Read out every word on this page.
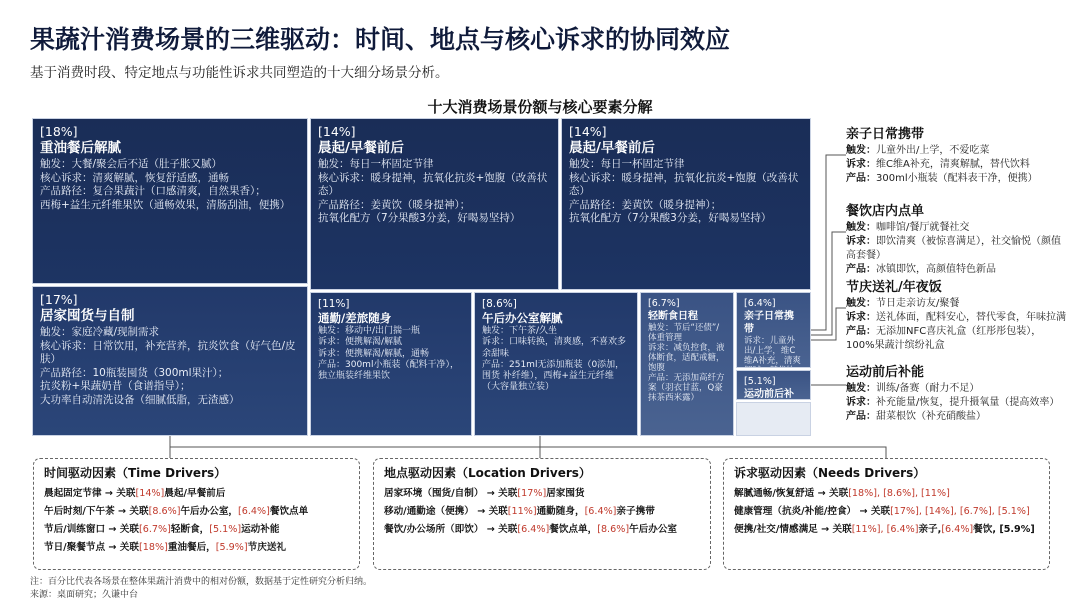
果蔬汁消费场景的三维驱动：时间、地点与核心诉求的协同效应
基于消费时段、特定地点与功能性诉求共同塑造的十大细分场景分析。
十大消费场景份额与核心要素分解
[18%]
重油餐后解腻
触发：大餐/聚会后不适（肚子胀又腻）
核心诉求：清爽解腻，恢复舒适感，通畅
产品路径：复合果蔬汁（口感清爽，自然果香）；
西梅+益生元纤维果饮（通畅效果，清肠刮油，便携）
[14%]
晨起/早餐前后
触发：每日一杯固定节律
核心诉求：暖身提神，抗氧化抗炎+饱腹（改善状态）
产品路径：姜黄饮（暖身提神）；
抗氧化配方（7分果酸3分姜，好喝易坚持）
[14%]
晨起/早餐前后
触发：每日一杯固定节律
核心诉求：暖身提神，抗氧化抗炎+饱腹（改善状态）
产品路径：姜黄饮（暖身提神）；
抗氧化配方（7分果酸3分姜，好喝易坚持）
[17%]
居家囤货与自制
触发：家庭冷藏/现制需求
核心诉求：日常饮用，补充营养，抗炎饮食（好气色/皮肤）
产品路径：10瓶装囤货（300ml果汁）；
抗炎粉+果蔬奶昔（食谱指导）；
大功率自动清洗设备（细腻低脂，无渣感）
[11%]
通勤/差旅随身
触发：移动中/出门揣一瓶
诉求：便携解渴/解腻
诉求：便携解渴/解腻，通畅
产品：300ml小瓶装（配料干净），独立瓶装纤维果饮
[8.6%]
午后办公室解腻
触发：下午茶/久坐
诉求：口味转换，清爽感，不喜欢多余甜味
产品：251ml无添加瓶装（0添加，围货 补纤维），西梅+益生元纤维（大容量独立装）
[6.7%]
轻断食日程
触发：节后“还债”/体重管理
诉求：减负控食，液体断食，适配戒糖，饱腹
产品：无添加高纤方案（羽衣甘蓝，Q豪抹茶西米露）
[6.4%]
亲子日常携带
诉求：儿童外出/上学，维C维A补充，清爽
[5.1%]
运动前后补
亲子日常携带
触发：儿童外出/上学，不爱吃菜
诉求：维C维A补充，清爽解腻，替代饮料
产品：300ml小瓶装（配料表干净，便携）
餐饮店内点单
触发：咖啡馆/餐厅就餐社交
诉求：即饮清爽（被惊喜满足），社交愉悦（颜值高套餐）
产品：冰镇即饮，高颜值特色新品
节庆送礼/年夜饭
触发：节日走亲访友/聚餐
诉求：送礼体面，配料安心，替代零食，年味拉满
产品：无添加NFC喜庆礼盒（红彤彤包装），100%果蔬汁缤纷礼盒
运动前后补能
触发：训练/备赛（耐力不足）
诉求：补充能量/恢复，提升摄氧量（提高效率）
产品：甜菜根饮（补充硝酸盐）
时间驱动因素（Time Drivers）
晨起固定节律 → 关联[14%]晨起/早餐前后
午后时刻/下午茶 → 关联[8.6%]午后办公室，[6.4%]餐饮点单
节后/训练窗口 → 关联[6.7%]轻断食，[5.1%]运动补能
节日/聚餐节点 → 关联[18%]重油餐后，[5.9%]节庆送礼
地点驱动因素（Location Drivers）
居家环境（囤货/自制） → 关联[17%]居家囤货
移动/通勤途（便携） → 关联[11%]通勤随身，[6.4%]亲子携带
餐饮/办公场所（即饮） → 关联[6.4%]餐饮点单，[8.6%]午后办公室
诉求驱动因素（Needs Drivers）
解腻通畅/恢复舒适 → 关联[18%], [8.6%], [11%]
健康管理（抗炎/补能/控食） → 关联[17%], [14%], [6.7%], [5.1%]
便携/社交/情感满足 → 关联[11%], [6.4%]亲子,[6.4%]餐饮, [5.9%]
注：百分比代表各场景在整体果蔬汁消费中的相对份额，数据基于定性研究分析归纳。
来源：桌面研究；久谦中台
